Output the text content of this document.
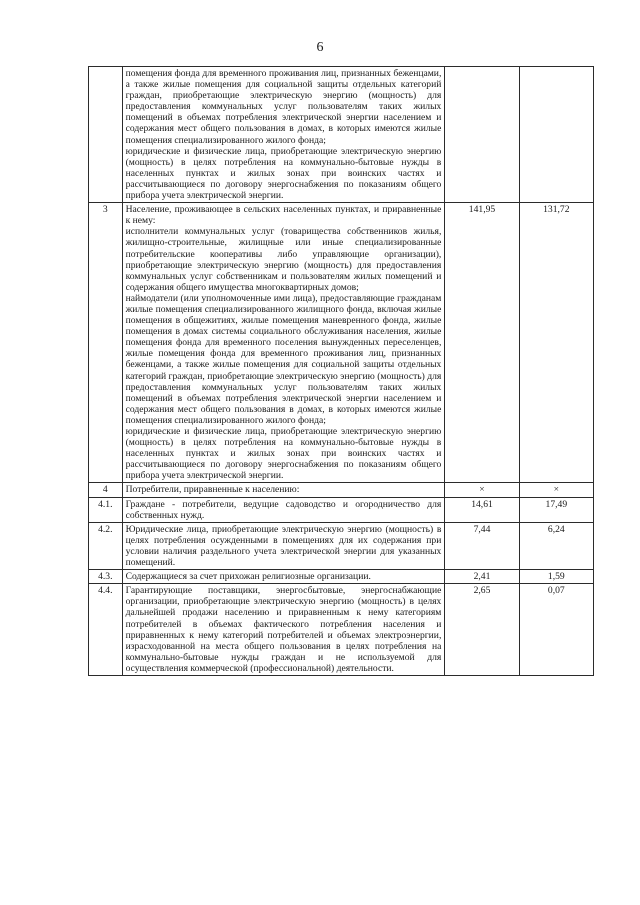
6

	помещения фонда для временного проживания лиц, признанных беженцами, а также жилые помещения для социальной защиты отдельных категорий граждан, приобретающие электрическую энергию (мощность) для предоставления коммунальных услуг пользователям таких жилых помещений в объемах потребления электрической энергии населением и содержания мест общего пользования в домах, в которых имеются жилые помещения специализированного жилого фонда;
юридические и физические лица, приобретающие электрическую энергию (мощность) в целях потребления на коммунально-бытовые нужды в населенных пунктах и жилых зонах при воинских частях и рассчитывающиеся по договору энергоснабжения по показаниям общего прибора учета электрической энергии.		

3	Население, проживающее в сельских населенных пунктах, и приравненные к нему:
исполнители коммунальных услуг (товарищества собственников жилья, жилищно-строительные, жилищные или иные специализированные потребительские кооперативы либо управляющие организации), приобретающие электрическую энергию (мощность) для предоставления коммунальных услуг собственникам и пользователям жилых помещений и содержания общего имущества многоквартирных домов;
наймодатели (или уполномоченные ими лица), предоставляющие гражданам жилые помещения специализированного жилищного фонда, включая жилые помещения в общежитиях, жилые помещения маневренного фонда, жилые помещения в домах системы социального обслуживания населения, жилые помещения фонда для временного поселения вынужденных переселенцев, жилые помещения фонда для временного проживания лиц, признанных беженцами, а также жилые помещения для социальной защиты отдельных категорий граждан, приобретающие электрическую энергию (мощность) для предоставления коммунальных услуг пользователям таких жилых помещений в объемах потребления электрической энергии населением и содержания мест общего пользования в домах, в которых имеются жилые помещения специализированного жилого фонда;
юридические и физические лица, приобретающие электрическую энергию (мощность) в целях потребления на коммунально-бытовые нужды в населенных пунктах и жилых зонах при воинских частях и рассчитывающиеся по договору энергоснабжения по показаниям общего прибора учета электрической энергии.	141,95	131,72
4	Потребители, приравненные к населению:	×	×
4.1.	Граждане - потребители, ведущие садоводство и огородничество для собственных нужд.	14,61	17,49
4.2.	Юридические лица, приобретающие электрическую энергию (мощность) в целях потребления осужденными в помещениях для их содержания при условии наличия раздельного учета электрической энергии для указанных помещений.	7,44	6,24
4.3.	Содержащиеся за счет прихожан религиозные организации.	2,41	1,59
4.4.	Гарантирующие поставщики, энергосбытовые, энергоснабжающие организации, приобретающие электрическую энергию (мощность) в целях дальнейшей продажи населению и приравненным к нему категориям потребителей в объемах фактического потребления населения и приравненных к нему категорий потребителей и объемах электроэнергии, израсходованной на места общего пользования в целях потребления на коммунально-бытовые нужды граждан и не используемой для осуществления коммерческой (профессиональной) деятельности.	2,65	0,07
